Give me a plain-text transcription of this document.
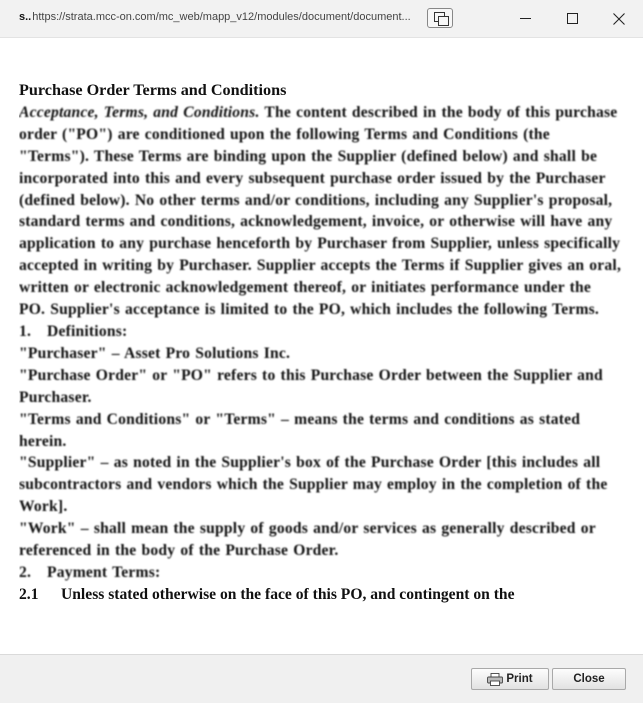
s..https://strata.mcc-on.com/mc_web/mapp_v12/modules/document/document...

Purchase Order Terms and Conditions

Acceptance, Terms, and Conditions. The content described in the body of this purchase order ("PO") are conditioned upon the following Terms and Conditions (the "Terms"). These Terms are binding upon the Supplier (defined below) and shall be incorporated into this and every subsequent purchase order issued by the Purchaser (defined below). No other terms and/or conditions, including any Supplier's proposal, standard terms and conditions, acknowledgement, invoice, or otherwise will have any application to any purchase henceforth by Purchaser from Supplier, unless specifically accepted in writing by Purchaser. Supplier accepts the Terms if Supplier gives an oral, written or electronic acknowledgement thereof, or initiates performance under the PO. Supplier's acceptance is limited to the PO, which includes the following Terms.

1. Definitions:

"Purchaser" – Asset Pro Solutions Inc.

"Purchase Order" or "PO" refers to this Purchase Order between the Supplier and Purchaser.

"Terms and Conditions" or "Terms" – means the terms and conditions as stated herein.

"Supplier" – as noted in the Supplier's box of the Purchase Order [this includes all subcontractors and vendors which the Supplier may employ in the completion of the Work].

"Work" – shall mean the supply of goods and/or services as generally described or referenced in the body of the Purchase Order.

2. Payment Terms:

2.1 Unless stated otherwise on the face of this PO, and contingent on the

Print	Close
